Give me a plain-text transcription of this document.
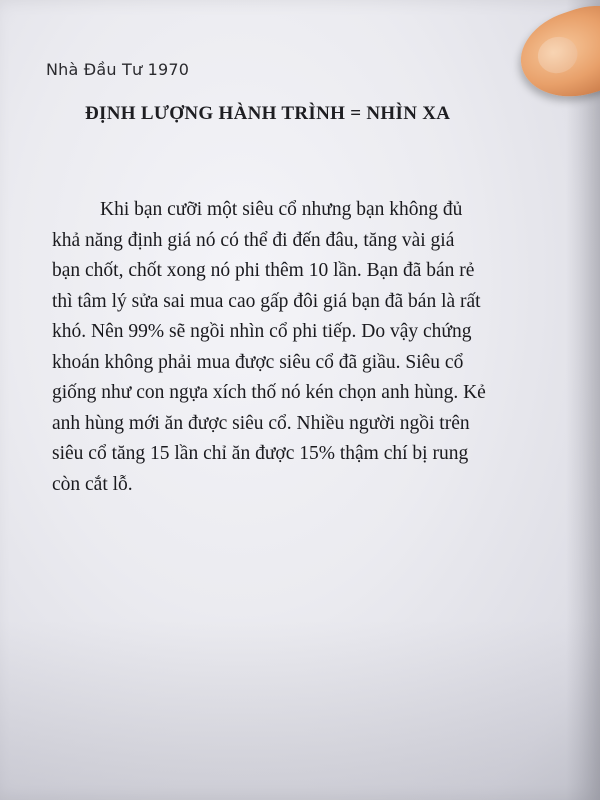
Nhà Đầu Tư 1970
ĐỊNH LƯỢNG HÀNH TRÌNH = NHÌN XA
Khi bạn cưỡi một siêu cổ nhưng bạn không đủ
khả năng định giá nó có thể đi đến đâu, tăng vài giá
bạn chốt, chốt xong nó phi thêm 10 lần. Bạn đã bán rẻ
thì tâm lý sửa sai mua cao gấp đôi giá bạn đã bán là rất
khó. Nên 99% sẽ ngồi nhìn cổ phi tiếp. Do vậy chứng
khoán không phải mua được siêu cổ đã giầu. Siêu cổ
giống như con ngựa xích thố nó kén chọn anh hùng. Kẻ
anh hùng mới ăn được siêu cổ. Nhiều người ngồi trên
siêu cổ tăng 15 lần chỉ ăn được 15% thậm chí bị rung
còn cắt lỗ.
